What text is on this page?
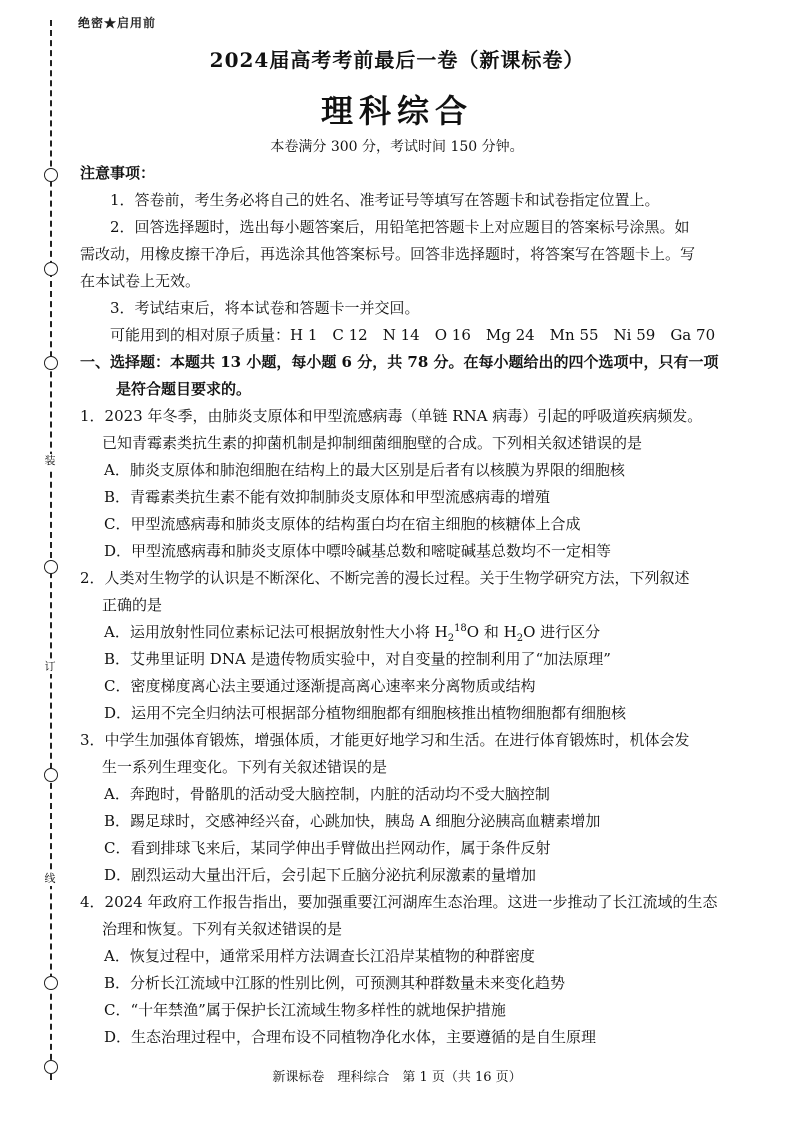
装
订
线
绝密★启用前
2024届高考考前最后一卷（新课标卷）
理科综合
本卷满分 300 分，考试时间 150 分钟。
注意事项：
1．答卷前，考生务必将自己的姓名、准考证号等填写在答题卡和试卷指定位置上。
2．回答选择题时，选出每小题答案后，用铅笔把答题卡上对应题目的答案标号涂黑。如
需改动，用橡皮擦干净后，再选涂其他答案标号。回答非选择题时，将答案写在答题卡上。写
在本试卷上无效。
3．考试结束后，将本试卷和答题卡一并交回。
可能用到的相对原子质量：H 1　C 12　N 14　O 16　Mg 24　Mn 55　Ni 59　Ga 70
一、选择题：本题共 13 小题，每小题 6 分，共 78 分。在每小题给出的四个选项中，只有一项
是符合题目要求的。
1．2023 年冬季，由肺炎支原体和甲型流感病毒（单链 RNA 病毒）引起的呼吸道疾病频发。
已知青霉素类抗生素的抑菌机制是抑制细菌细胞壁的合成。下列相关叙述错误的是
A．肺炎支原体和肺泡细胞在结构上的最大区别是后者有以核膜为界限的细胞核
B．青霉素类抗生素不能有效抑制肺炎支原体和甲型流感病毒的增殖
C．甲型流感病毒和肺炎支原体的结构蛋白均在宿主细胞的核糖体上合成
D．甲型流感病毒和肺炎支原体中嘌呤碱基总数和嘧啶碱基总数均不一定相等
2．人类对生物学的认识是不断深化、不断完善的漫长过程。关于生物学研究方法，下列叙述
正确的是
A．运用放射性同位素标记法可根据放射性大小将 $H_2^{18}O$ 和 $H_2O$ 进行区分
B．艾弗里证明 DNA 是遗传物质实验中，对自变量的控制利用了“加法原理”
C．密度梯度离心法主要通过逐渐提高离心速率来分离物质或结构
D．运用不完全归纳法可根据部分植物细胞都有细胞核推出植物细胞都有细胞核
3．中学生加强体育锻炼，增强体质，才能更好地学习和生活。在进行体育锻炼时，机体会发
生一系列生理变化。下列有关叙述错误的是
A．奔跑时，骨骼肌的活动受大脑控制，内脏的活动均不受大脑控制
B．踢足球时，交感神经兴奋，心跳加快，胰岛 A 细胞分泌胰高血糖素增加
C．看到排球飞来后，某同学伸出手臂做出拦网动作，属于条件反射
D．剧烈运动大量出汗后，会引起下丘脑分泌抗利尿激素的量增加
4．2024 年政府工作报告指出，要加强重要江河湖库生态治理。这进一步推动了长江流域的生态
治理和恢复。下列有关叙述错误的是
A．恢复过程中，通常采用样方法调查长江沿岸某植物的种群密度
B．分析长江流域中江豚的性别比例，可预测其种群数量未来变化趋势
C．“十年禁渔”属于保护长江流域生物多样性的就地保护措施
D．生态治理过程中，合理布设不同植物净化水体，主要遵循的是自生原理
新课标卷　理科综合　第 1 页（共 16 页）
